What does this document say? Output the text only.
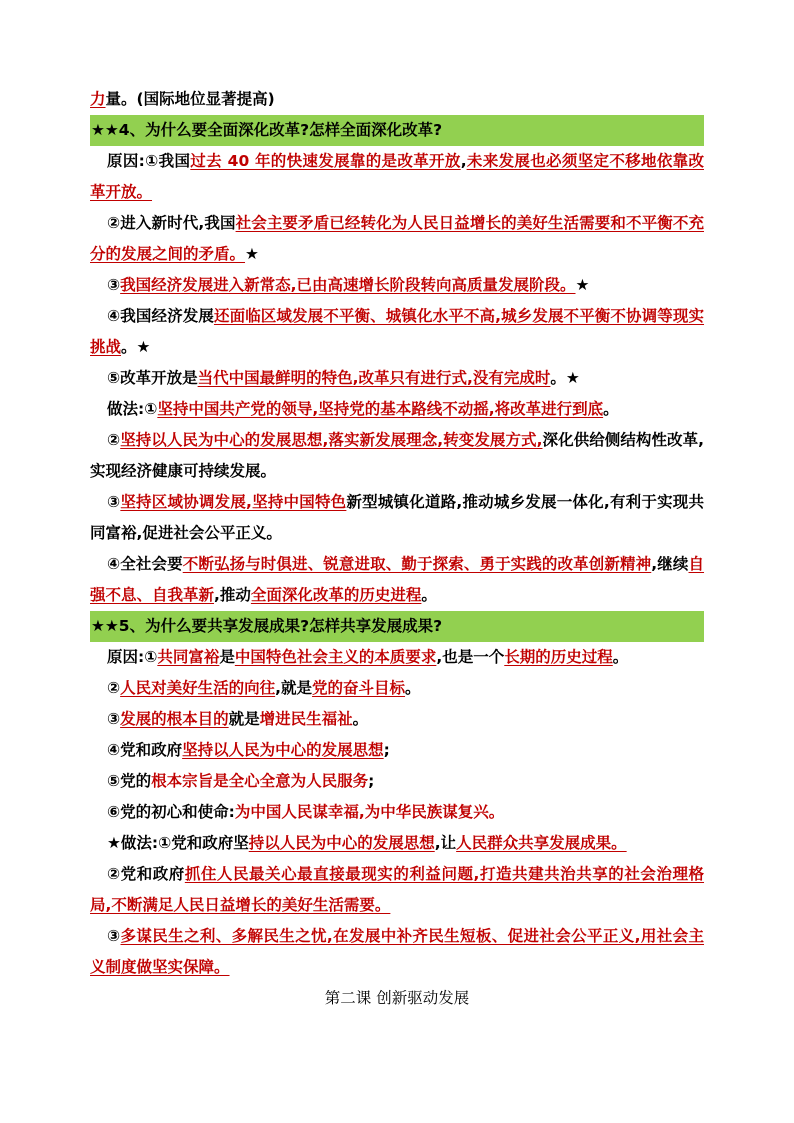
力量。(国际地位显著提高)

★★4、为什么要全面深化改革?怎样全面深化改革?

原因:①我国过去 40 年的快速发展靠的是改革开放,未来发展也必须坚定不移地依靠改革开放。

②进入新时代,我国社会主要矛盾已经转化为人民日益增长的美好生活需要和不平衡不充分的发展之间的矛盾。★

③我国经济发展进入新常态,已由高速增长阶段转向高质量发展阶段。★

④我国经济发展还面临区域发展不平衡、城镇化水平不高,城乡发展不平衡不协调等现实挑战。★

⑤改革开放是当代中国最鲜明的特色,改革只有进行式,没有完成时。★

做法:①坚持中国共产党的领导,坚持党的基本路线不动摇,将改革进行到底。

②坚持以人民为中心的发展思想,落实新发展理念,转变发展方式,深化供给侧结构性改革,实现经济健康可持续发展。

③坚持区域协调发展,坚持中国特色新型城镇化道路,推动城乡发展一体化,有利于实现共同富裕,促进社会公平正义。

④全社会要不断弘扬与时俱进、锐意进取、勤于探索、勇于实践的改革创新精神,继续自强不息、自我革新,推动全面深化改革的历史进程。

★★5、为什么要共享发展成果?怎样共享发展成果?

原因:①共同富裕是中国特色社会主义的本质要求,也是一个长期的历史过程。

②人民对美好生活的向往,就是党的奋斗目标。

③发展的根本目的就是增进民生福祉。

④党和政府坚持以人民为中心的发展思想;

⑤党的根本宗旨是全心全意为人民服务;

⑥党的初心和使命:为中国人民谋幸福,为中华民族谋复兴。

★做法:①党和政府坚持以人民为中心的发展思想,让人民群众共享发展成果。

②党和政府抓住人民最关心最直接最现实的利益问题,打造共建共治共享的社会治理格局,不断满足人民日益增长的美好生活需要。

③多谋民生之利、多解民生之忧,在发展中补齐民生短板、促进社会公平正义,用社会主义制度做坚实保障。

第二课 创新驱动发展
